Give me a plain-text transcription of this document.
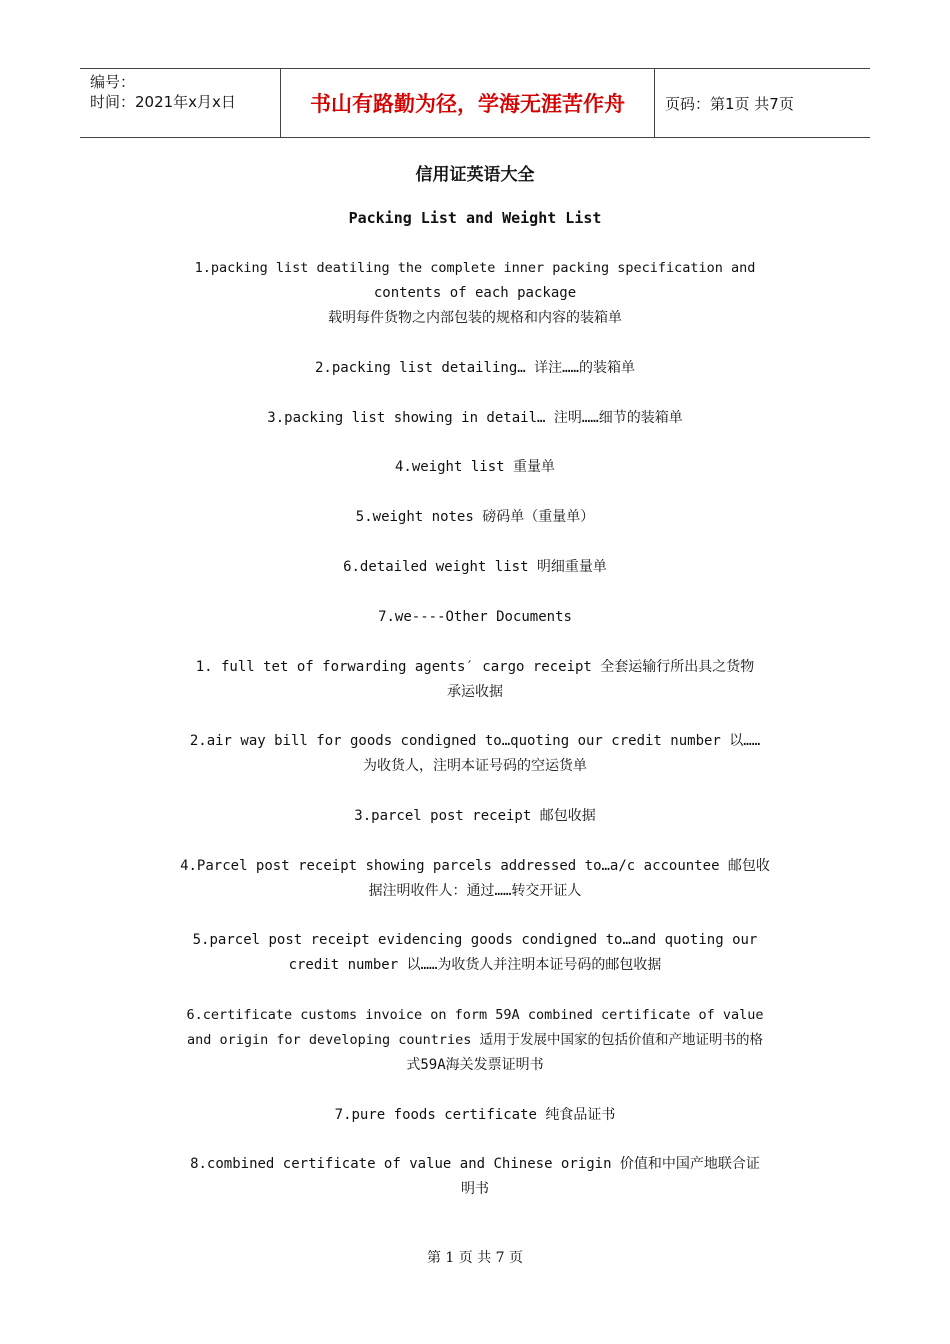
编号：
时间：2021年x月x日	书山有路勤为径，学海无涯苦作舟	页码：第1页 共7页
信用证英语大全
Packing List and Weight List
1.packing list deatiling the complete inner packing specification and
contents of each package
载明每件货物之内部包装的规格和内容的装箱单
2.packing list detailing… 详注……的装箱单
3.packing list showing in detail… 注明……细节的装箱单
4.weight list 重量单
5.weight notes 磅码单（重量单）
6.detailed weight list 明细重量单
7.we----Other Documents
1. full tet of forwarding agents′ cargo receipt 全套运输行所出具之货物
承运收据
2.air way bill for goods condigned to…quoting our credit number 以……
为收货人，注明本证号码的空运货单
3.parcel post receipt 邮包收据
4.Parcel post receipt showing parcels addressed to…a/c accountee 邮包收
据注明收件人：通过……转交开证人
5.parcel post receipt evidencing goods condigned to…and quoting our
credit number 以……为收货人并注明本证号码的邮包收据
6.certificate customs invoice on form 59A combined certificate of value
and origin for developing countries 适用于发展中国家的包括价值和产地证明书的格
式59A海关发票证明书
7.pure foods certificate 纯食品证书
8.combined certificate of value and Chinese origin 价值和中国产地联合证
明书
第 1 页 共 7 页
